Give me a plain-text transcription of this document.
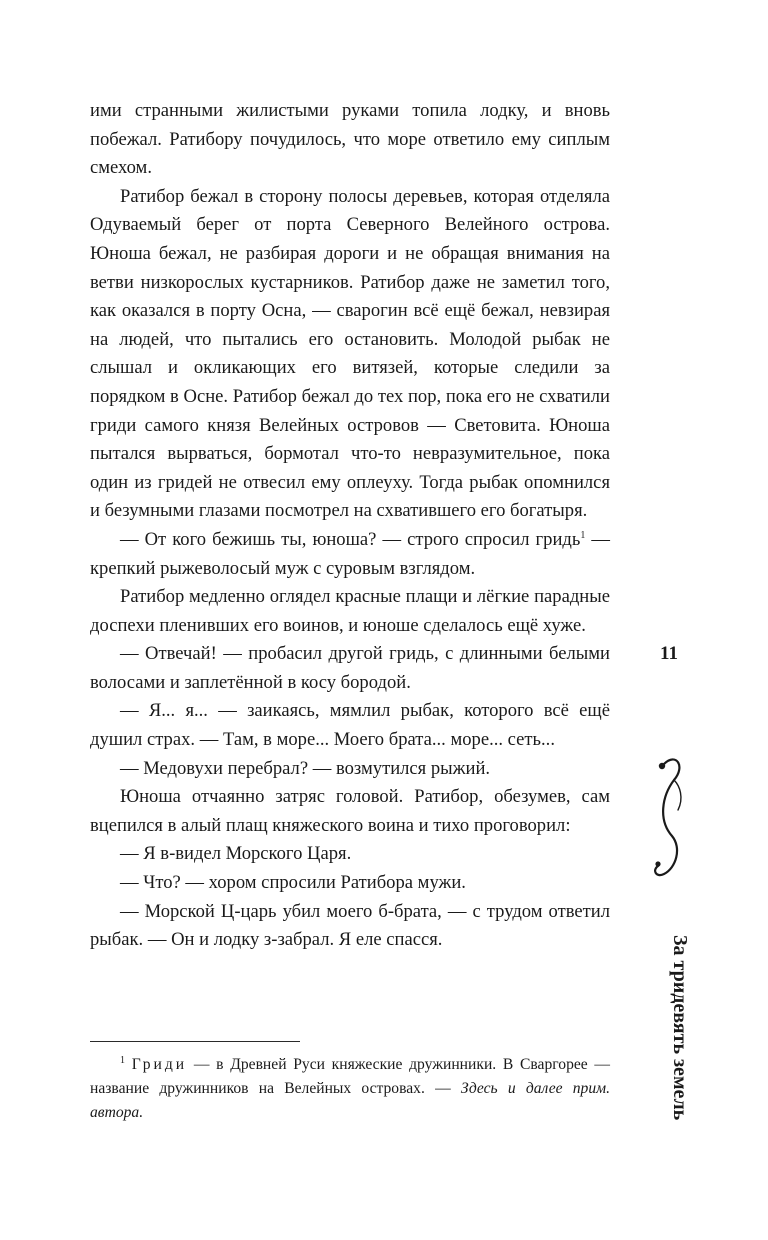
ими странными жилистыми руками топила лодку, и вновь побежал. Ратибору почудилось, что море ответило ему сиплым смехом.

Ратибор бежал в сторону полосы деревьев, которая отделяла Одуваемый берег от порта Северного Велейного острова. Юноша бежал, не разбирая дороги и не обращая внимания на ветви низкорослых кустарников. Ратибор даже не заметил того, как оказался в порту Осна, — сварогин всё ещё бежал, невзирая на людей, что пытались его остановить. Молодой рыбак не слышал и окликающих его витязей, которые следили за порядком в Осне. Ратибор бежал до тех пор, пока его не схватили гриди самого князя Велейных островов — Световита. Юноша пытался вырваться, бормотал что-то невразумительное, пока один из гридей не отвесил ему оплеуху. Тогда рыбак опомнился и безумными глазами посмотрел на схватившего его богатыря.

— От кого бежишь ты, юноша? — строго спросил гридь$^1$ — крепкий рыжеволосый муж с суровым взглядом.

Ратибор медленно оглядел красные плащи и лёгкие парадные доспехи пленивших его воинов, и юноше сделалось ещё хуже.

— Отвечай! — пробасил другой гридь, с длинными белыми волосами и заплетённой в косу бородой.

— Я... я... — заикаясь, мямлил рыбак, которого всё ещё душил страх. — Там, в море... Моего брата... море... сеть...

— Медовухи перебрал? — возмутился рыжий.

Юноша отчаянно затряс головой. Ратибор, обезумев, сам вцепился в алый плащ княжеского воина и тихо проговорил:

— Я в-видел Морского Царя.

— Что? — хором спросили Ратибора мужи.

— Морской Ц-царь убил моего б-брата, — с трудом ответил рыбак. — Он и лодку з-забрал. Я еле спасся.

$^1$ Гриди — в Древней Руси княжеские дружинники. В Сваргорее — название дружинников на Велейных островах. — Здесь и далее прим. автора.
11
За тридевять земель
